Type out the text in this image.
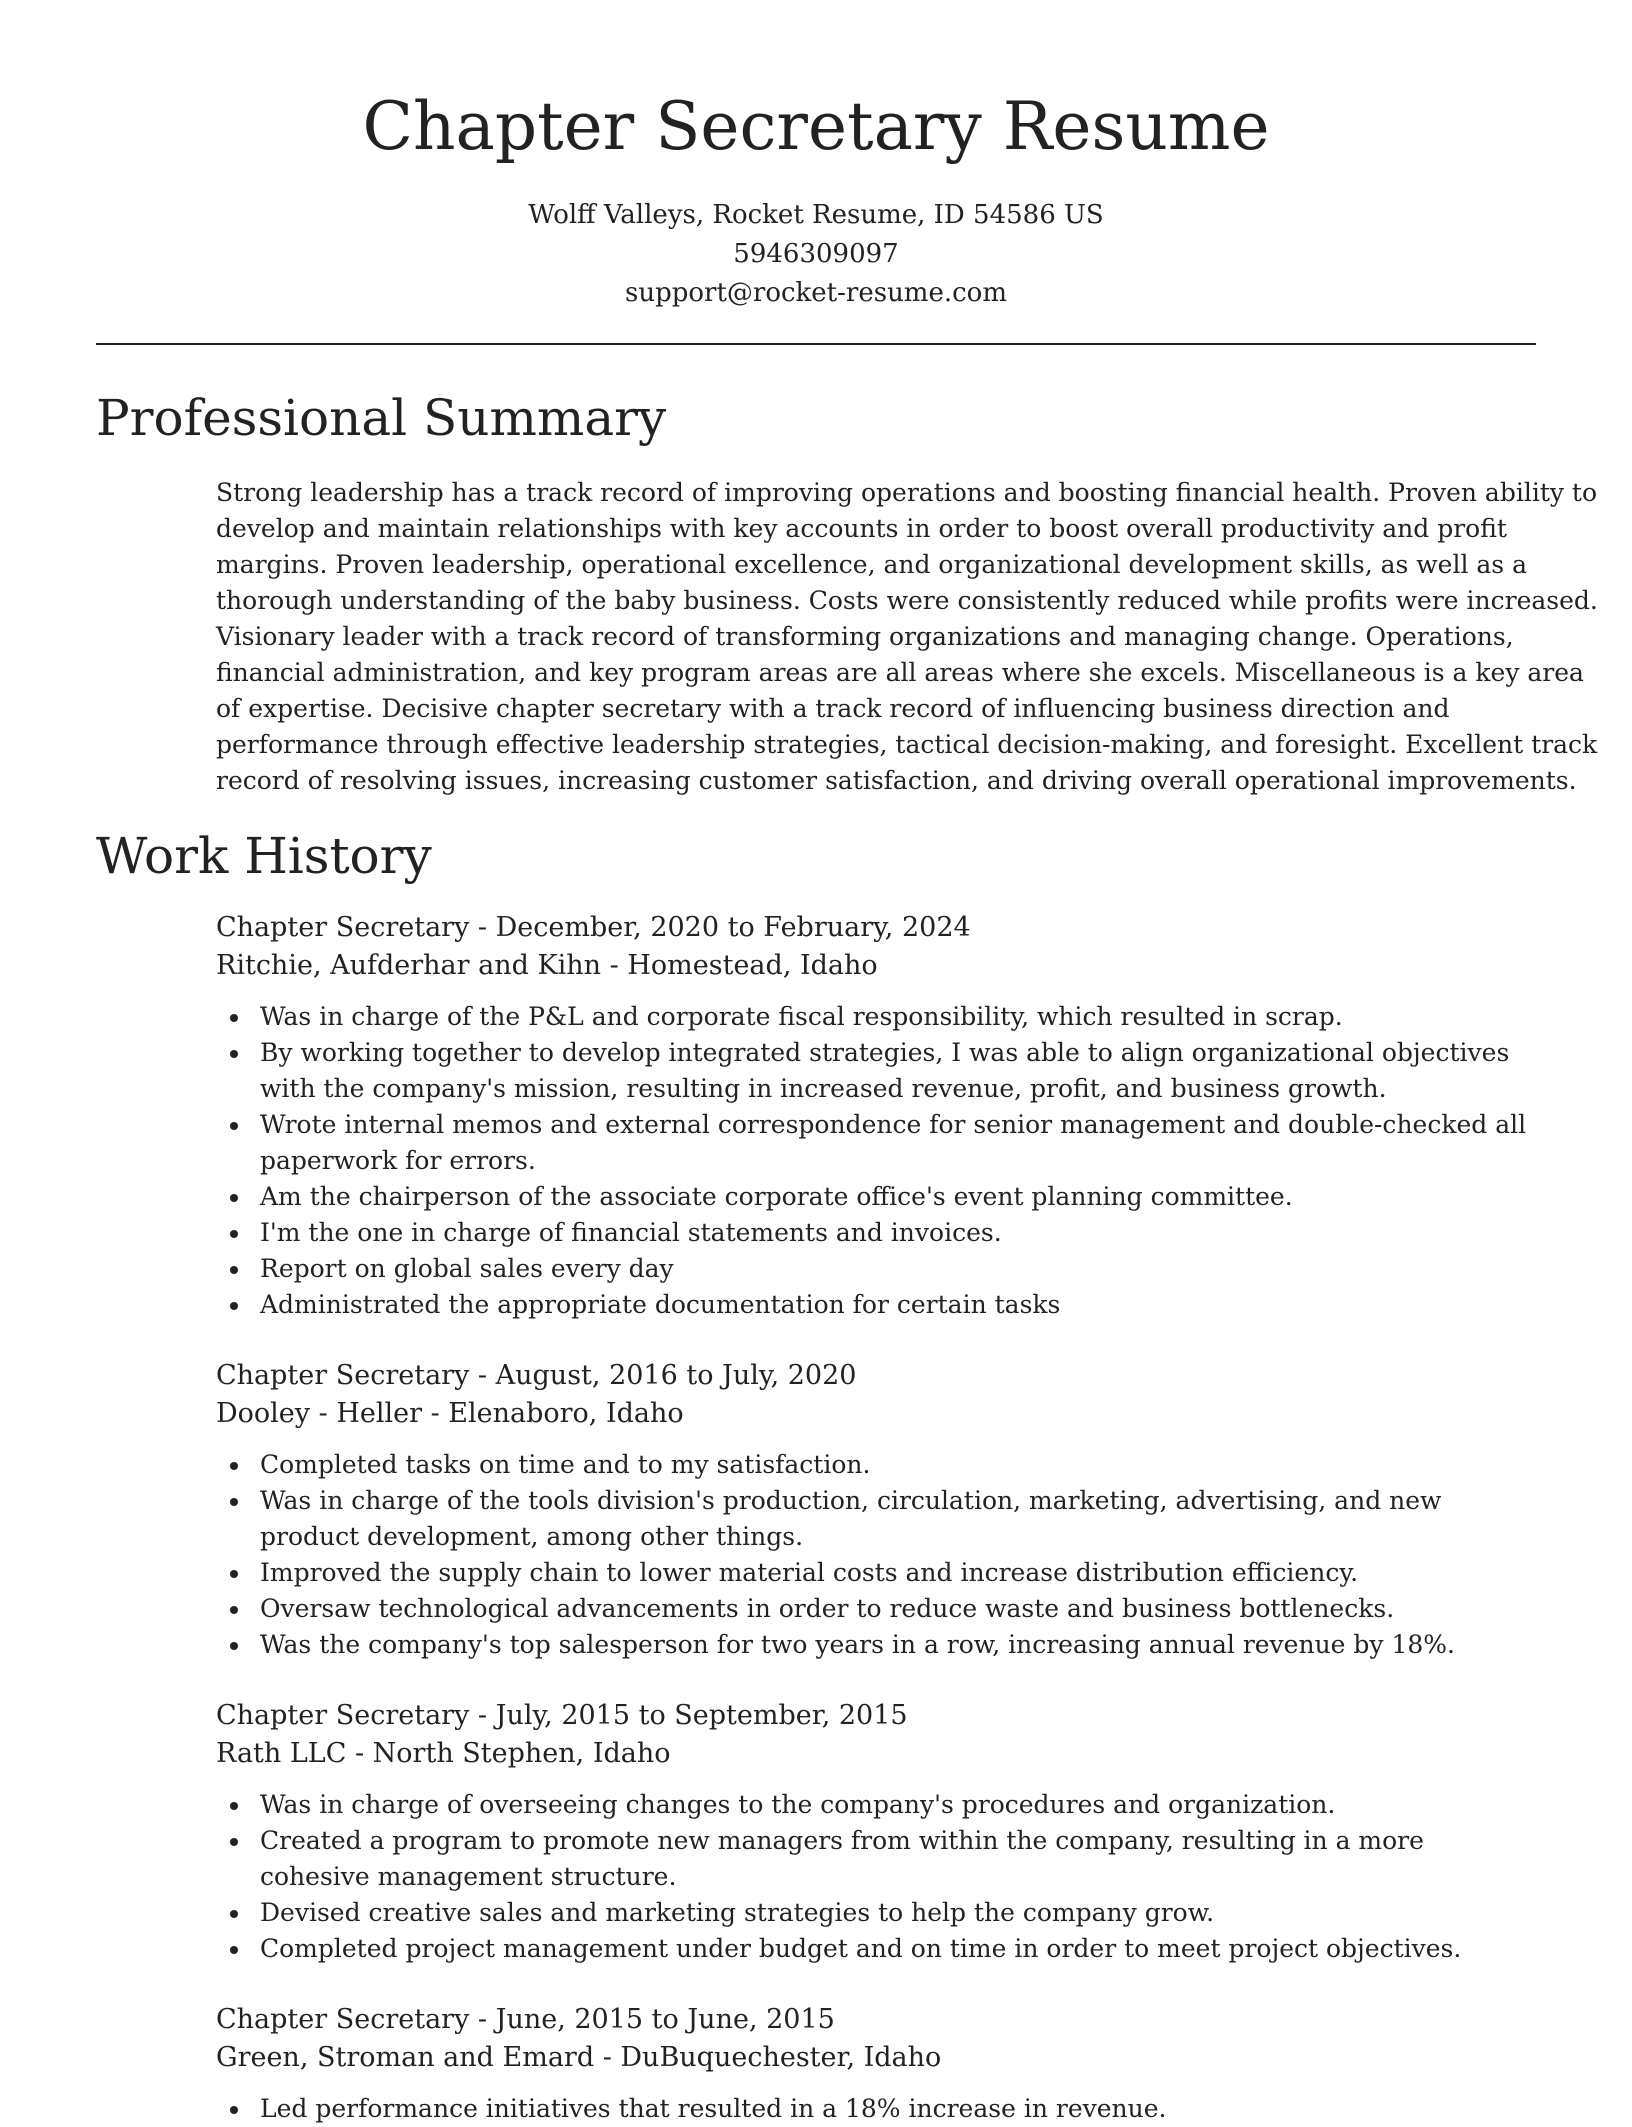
Chapter Secretary Resume
Wolff Valleys, Rocket Resume, ID 54586 US
5946309097
support@rocket-resume.com
Professional Summary

Strong leadership has a track record of improving operations and boosting financial health. Proven ability to develop and maintain relationships with key accounts in order to boost overall productivity and profit margins. Proven leadership, operational excellence, and organizational development skills, as well as a thorough understanding of the baby business. Costs were consistently reduced while profits were increased. Visionary leader with a track record of transforming organizations and managing change. Operations, financial administration, and key program areas are all areas where she excels. Miscellaneous is a key area of expertise. Decisive chapter secretary with a track record of influencing business direction and performance through effective leadership strategies, tactical decision-making, and foresight. Excellent track record of resolving issues, increasing customer satisfaction, and driving overall operational improvements.

Work History
Chapter Secretary - December, 2020 to February, 2024
Ritchie, Aufderhar and Kihn - Homestead, Idaho
Was in charge of the P&L and corporate fiscal responsibility, which resulted in scrap.
By working together to develop integrated strategies, I was able to align organizational objectives with the company's mission, resulting in increased revenue, profit, and business growth.
Wrote internal memos and external correspondence for senior management and double-checked all paperwork for errors.
Am the chairperson of the associate corporate office's event planning committee.
I'm the one in charge of financial statements and invoices.
Report on global sales every day
Administrated the appropriate documentation for certain tasks
Chapter Secretary - August, 2016 to July, 2020
Dooley - Heller - Elenaboro, Idaho
Completed tasks on time and to my satisfaction.
Was in charge of the tools division's production, circulation, marketing, advertising, and new product development, among other things.
Improved the supply chain to lower material costs and increase distribution efficiency.
Oversaw technological advancements in order to reduce waste and business bottlenecks.
Was the company's top salesperson for two years in a row, increasing annual revenue by 18%.
Chapter Secretary - July, 2015 to September, 2015
Rath LLC - North Stephen, Idaho
Was in charge of overseeing changes to the company's procedures and organization.
Created a program to promote new managers from within the company, resulting in a more cohesive management structure.
Devised creative sales and marketing strategies to help the company grow.
Completed project management under budget and on time in order to meet project objectives.
Chapter Secretary - June, 2015 to June, 2015
Green, Stroman and Emard - DuBuquechester, Idaho
Led performance initiatives that resulted in a 18% increase in revenue.
